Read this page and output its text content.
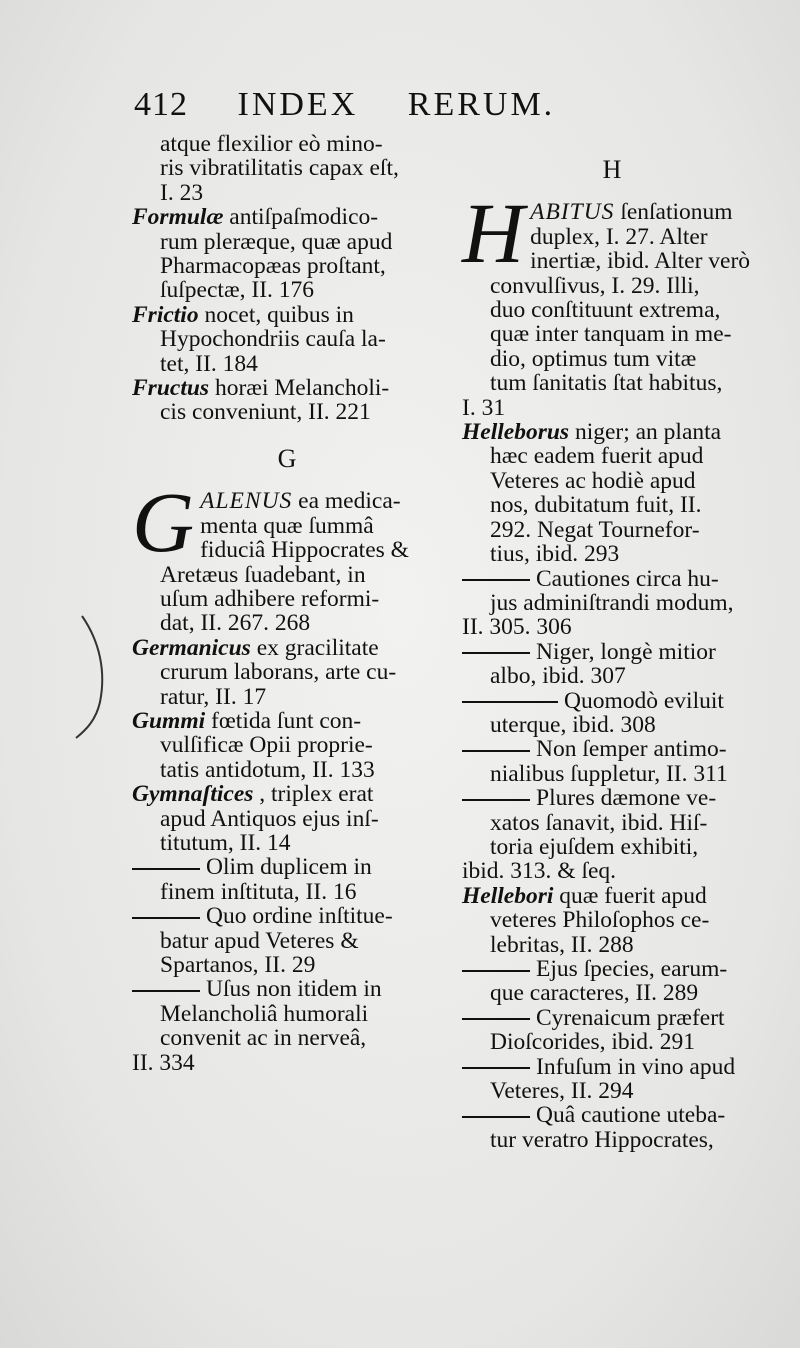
412 INDEX RERUM.
atque flexilior eò mino-
ris vibratilitatis capax eſt,
I. 23
Formulæ antiſpaſmodico-
rum pleræque, quæ apud
Pharmacopæas proſtant,
ſuſpectæ, II. 176
Frictio nocet, quibus in
Hypochondriis cauſa la-
tet, II. 184
Fructus horæi Melancholi-
cis conveniunt, II. 221
G
G ALENUS ea medica-
menta quæ ſummâ
fiduciâ Hippocrates &
Aretæus ſuadebant, in
uſum adhibere reformi-
dat, II. 267. 268
Germanicus ex gracilitate
crurum laborans, arte cu-
ratur, II. 17
Gummi fœtida ſunt con-
vulſificæ Opii proprie-
tatis antidotum, II. 133
Gymnaſtices , triplex erat
apud Antiquos ejus inſ-
titutum, II. 14
Olim duplicem in
finem inſtituta, II. 16
Quo ordine inſtitue-
batur apud Veteres &
Spartanos, II. 29
Uſus non itidem in
Melancholiâ humorali
convenit ac in nerveâ,
II. 334
H
H ABITUS ſenſationum
duplex, I. 27. Alter
inertiæ, ibid. Alter verò
convulſivus, I. 29. Illi,
duo conſtituunt extrema,
quæ inter tanquam in me-
dio, optimus tum vitæ
tum ſanitatis ſtat habitus,
I. 31
Helleborus niger; an planta
hæc eadem fuerit apud
Veteres ac hodiè apud
nos, dubitatum fuit, II.
292. Negat Tournefor-
tius, ibid. 293
Cautiones circa hu-
jus adminiſtrandi modum,
II. 305. 306
Niger, longè mitior
albo, ibid. 307
Quomodò eviluit
uterque, ibid. 308
Non ſemper antimo-
nialibus ſuppletur, II. 311
Plures dæmone ve-
xatos ſanavit, ibid. Hiſ-
toria ejuſdem exhibiti,
ibid. 313. & ſeq.
Hellebori quæ fuerit apud
veteres Philoſophos ce-
lebritas, II. 288
Ejus ſpecies, earum-
que caracteres, II. 289
Cyrenaicum præfert
Dioſcorides, ibid. 291
Infuſum in vino apud
Veteres, II. 294
Quâ cautione uteba-
tur veratro Hippocrates,
